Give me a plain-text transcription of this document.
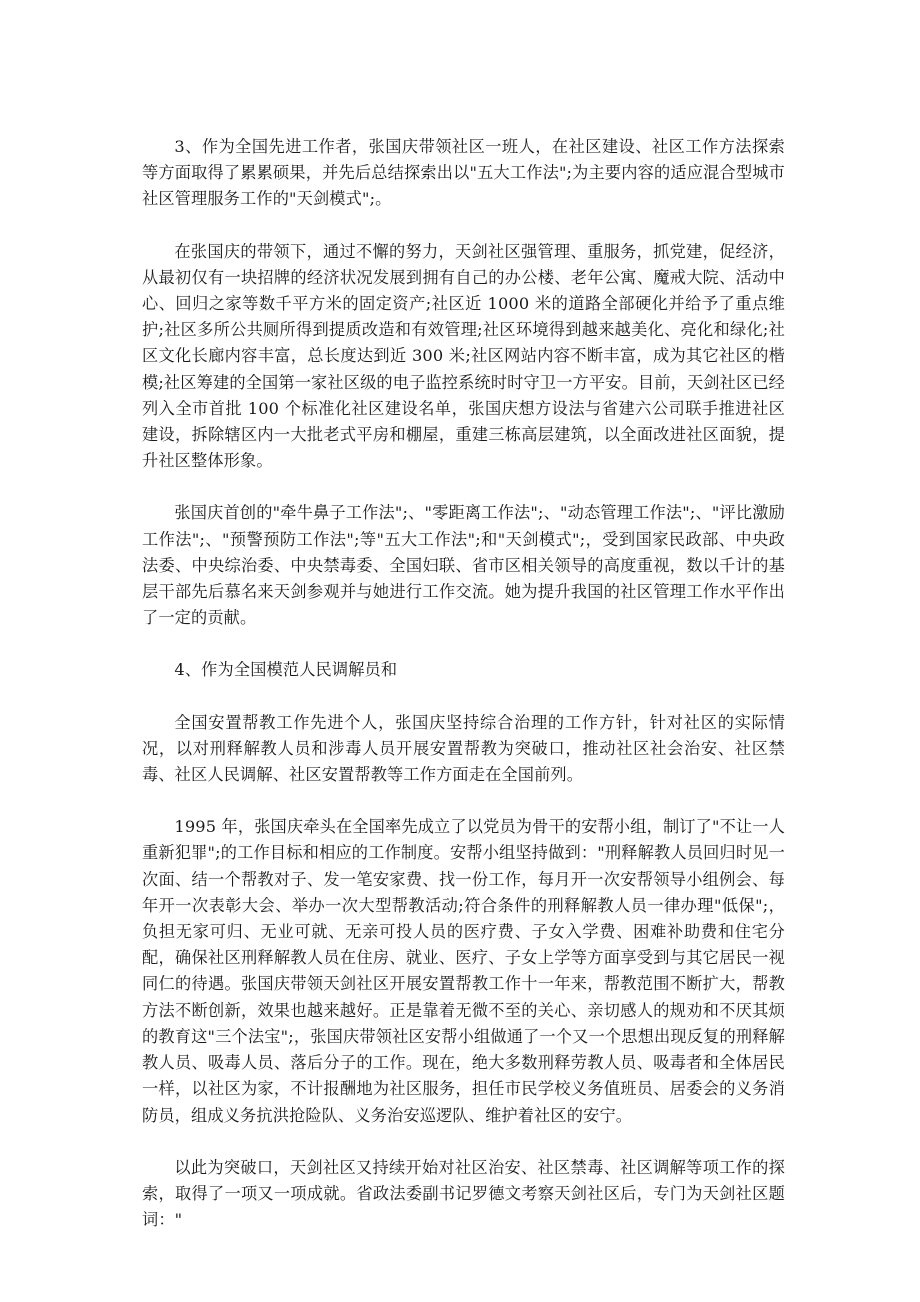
3、作为全国先进工作者，张国庆带领社区一班人，在社区建设、社区工作方法探索等方面取得了累累硕果，并先后总结探索出以"五大工作法";为主要内容的适应混合型城市社区管理服务工作的"天剑模式";。

在张国庆的带领下，通过不懈的努力，天剑社区强管理、重服务，抓党建，促经济，从最初仅有一块招牌的经济状况发展到拥有自己的办公楼、老年公寓、魔戒大院、活动中心、回归之家等数千平方米的固定资产;社区近 1000 米的道路全部硬化并给予了重点维护;社区多所公共厕所得到提质改造和有效管理;社区环境得到越来越美化、亮化和绿化;社区文化长廊内容丰富，总长度达到近 300 米;社区网站内容不断丰富，成为其它社区的楷模;社区筹建的全国第一家社区级的电子监控系统时时守卫一方平安。目前，天剑社区已经列入全市首批 100 个标准化社区建设名单，张国庆想方设法与省建六公司联手推进社区建设，拆除辖区内一大批老式平房和棚屋，重建三栋高层建筑，以全面改进社区面貌，提升社区整体形象。

张国庆首创的"牵牛鼻子工作法";、"零距离工作法";、"动态管理工作法";、"评比激励工作法";、"预警预防工作法";等"五大工作法";和"天剑模式";，受到国家民政部、中央政法委、中央综治委、中央禁毒委、全国妇联、省市区相关领导的高度重视，数以千计的基层干部先后慕名来天剑参观并与她进行工作交流。她为提升我国的社区管理工作水平作出了一定的贡献。

4、作为全国模范人民调解员和

全国安置帮教工作先进个人，张国庆坚持综合治理的工作方针，针对社区的实际情况，以对刑释解教人员和涉毒人员开展安置帮教为突破口，推动社区社会治安、社区禁毒、社区人民调解、社区安置帮教等工作方面走在全国前列。

1995 年，张国庆牵头在全国率先成立了以党员为骨干的安帮小组，制订了"不让一人重新犯罪";的工作目标和相应的工作制度。安帮小组坚持做到："刑释解教人员回归时见一次面、结一个帮教对子、发一笔安家费、找一份工作，每月开一次安帮领导小组例会、每年开一次表彰大会、举办一次大型帮教活动;符合条件的刑释解教人员一律办理"低保";，负担无家可归、无业可就、无亲可投人员的医疗费、子女入学费、困难补助费和住宅分配，确保社区刑释解教人员在住房、就业、医疗、子女上学等方面享受到与其它居民一视同仁的待遇。张国庆带领天剑社区开展安置帮教工作十一年来，帮教范围不断扩大，帮教方法不断创新，效果也越来越好。正是靠着无微不至的关心、亲切感人的规劝和不厌其烦的教育这"三个法宝";，张国庆带领社区安帮小组做通了一个又一个思想出现反复的刑释解教人员、吸毒人员、落后分子的工作。现在，绝大多数刑释劳教人员、吸毒者和全体居民一样，以社区为家，不计报酬地为社区服务，担任市民学校义务值班员、居委会的义务消防员，组成义务抗洪抢险队、义务治安巡逻队、维护着社区的安宁。

以此为突破口，天剑社区又持续开始对社区治安、社区禁毒、社区调解等项工作的探索，取得了一项又一项成就。省政法委副书记罗德文考察天剑社区后，专门为天剑社区题词："
